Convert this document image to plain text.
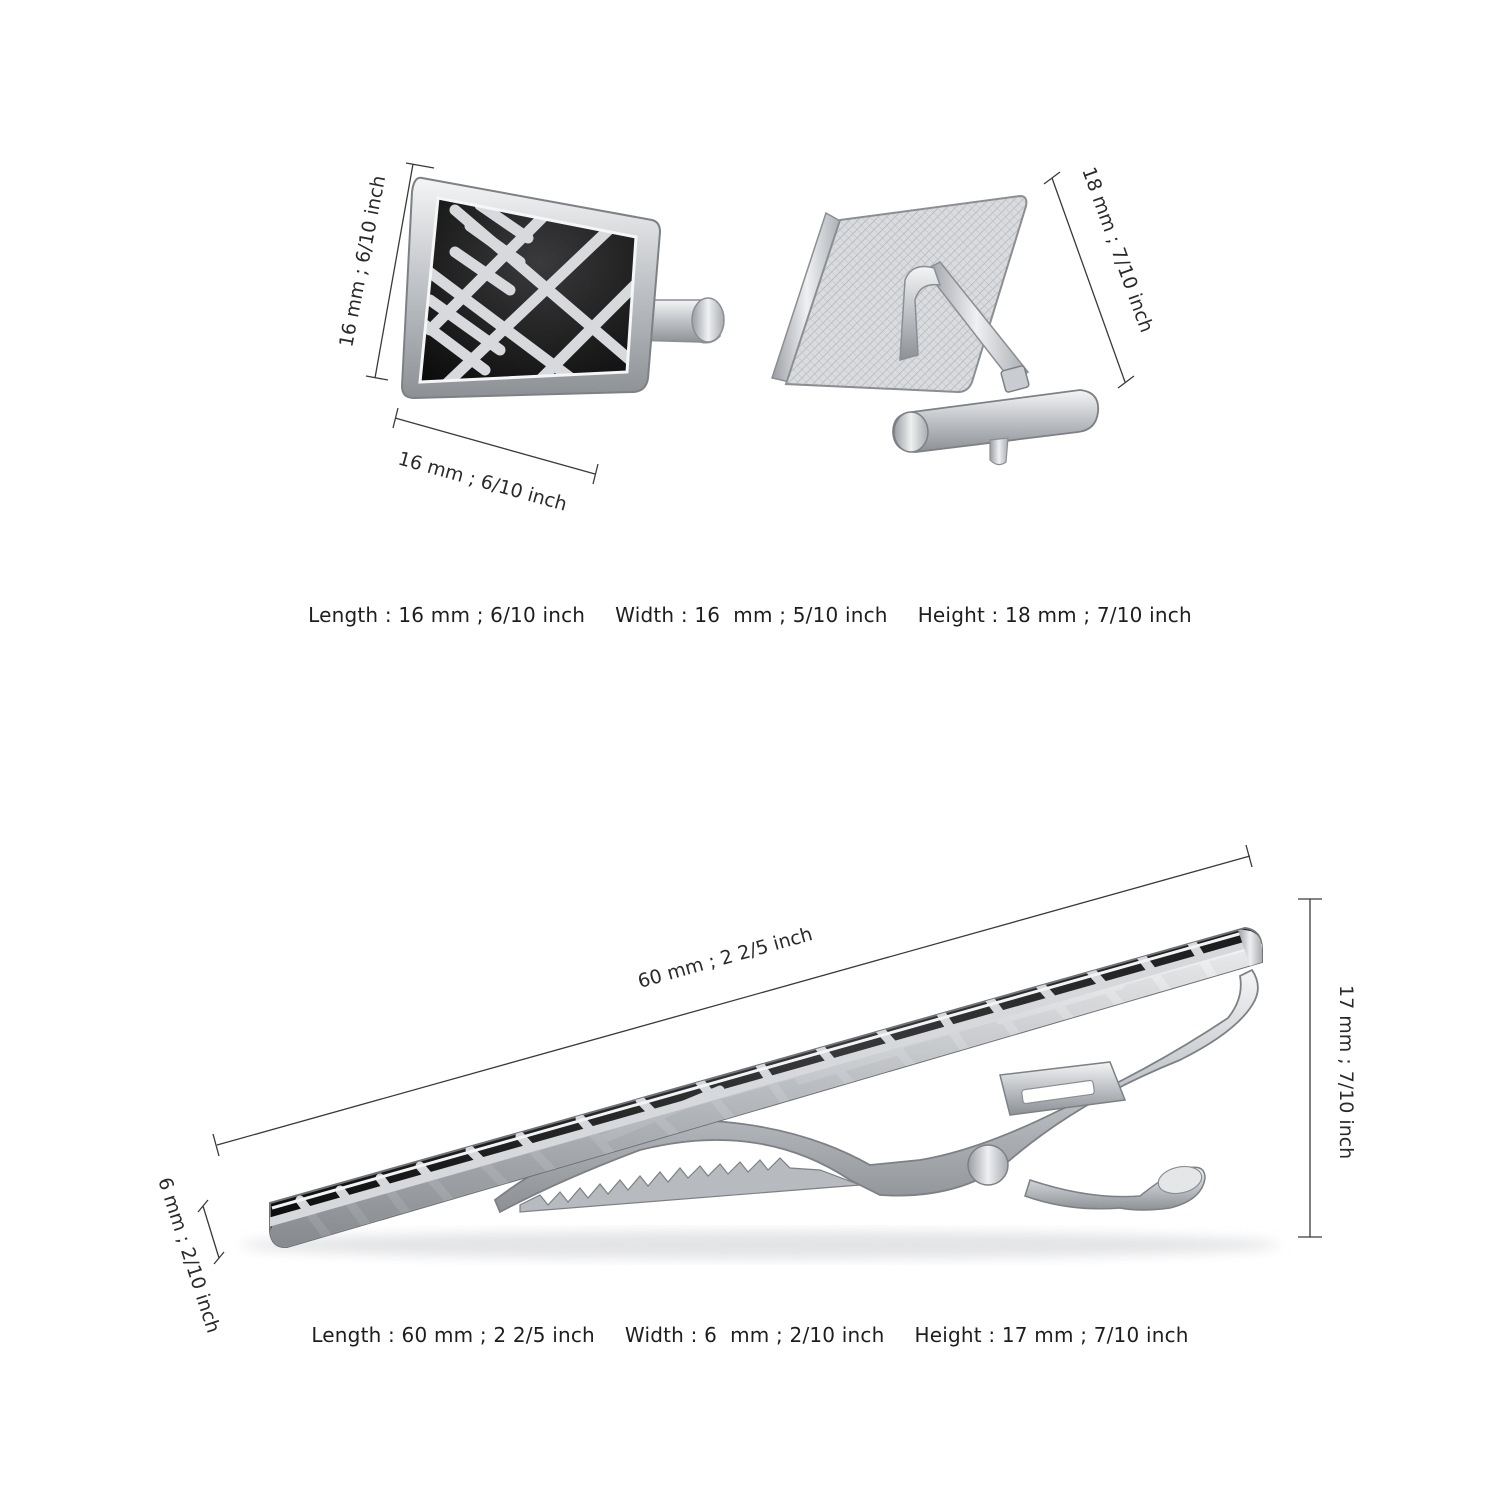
16 mm ; 6/10 inch
16 mm ; 6/10 inch
18 mm ; 7/10 inch
60 mm ; 2 2/5 inch
17 mm ; 7/10 inch
6 mm ; 2/10 inch
Length : 16 mm ; 6/10 inch Width : 16  mm ; 5/10 inch Height : 18 mm ; 7/10 inch
Length : 60 mm ; 2 2/5 inch Width : 6  mm ; 2/10 inch Height : 17 mm ; 7/10 inch
